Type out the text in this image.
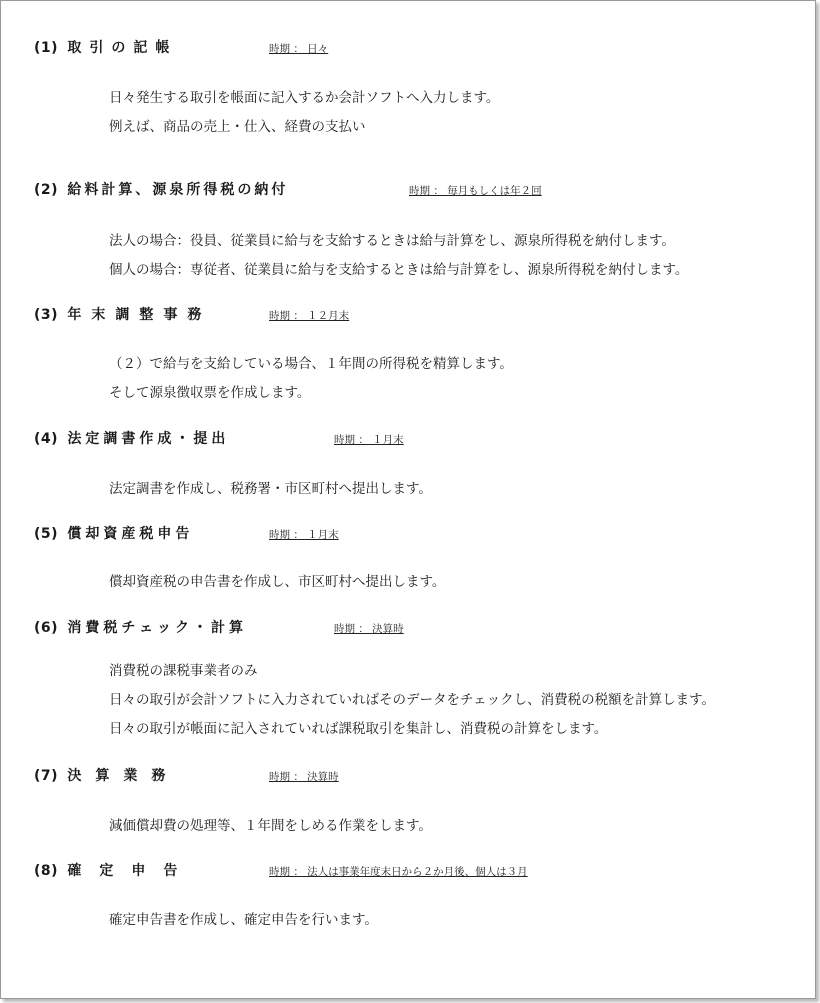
(1) 取引の記帳	時期 ： 日々
日々発生する取引を帳面に記入するか会計ソフトへ入力します。
例えば、商品の売上・仕入、経費の支払い
(2) 給料計算、源泉所得税の納付	時期 ： 毎月もしくは年２回
法人の場合：役員、従業員に給与を支給するときは給与計算をし、源泉所得税を納付します。
個人の場合：専従者、従業員に給与を支給するときは給与計算をし、源泉所得税を納付します。
(3) 年末調整事務	時期 ： １２月末
（２）で給与を支給している場合、１年間の所得税を精算します。
そして源泉徴収票を作成します。
(4) 法定調書作成・提出	時期 ： １月末
法定調書を作成し、税務署・市区町村へ提出します。
(5) 償却資産税申告	時期 ： １月末
償却資産税の申告書を作成し、市区町村へ提出します。
(6) 消費税チェック・計算	時期 ： 決算時
消費税の課税事業者のみ
日々の取引が会計ソフトに入力されていればそのデータをチェックし、消費税の税額を計算します。
日々の取引が帳面に記入されていれば課税取引を集計し、消費税の計算をします。
(7) 決算業務	時期 ： 決算時
減価償却費の処理等、１年間をしめる作業をします。
(8) 確定申告	時期 ： 法人は事業年度末日から２か月後、個人は３月
確定申告書を作成し、確定申告を行います。
